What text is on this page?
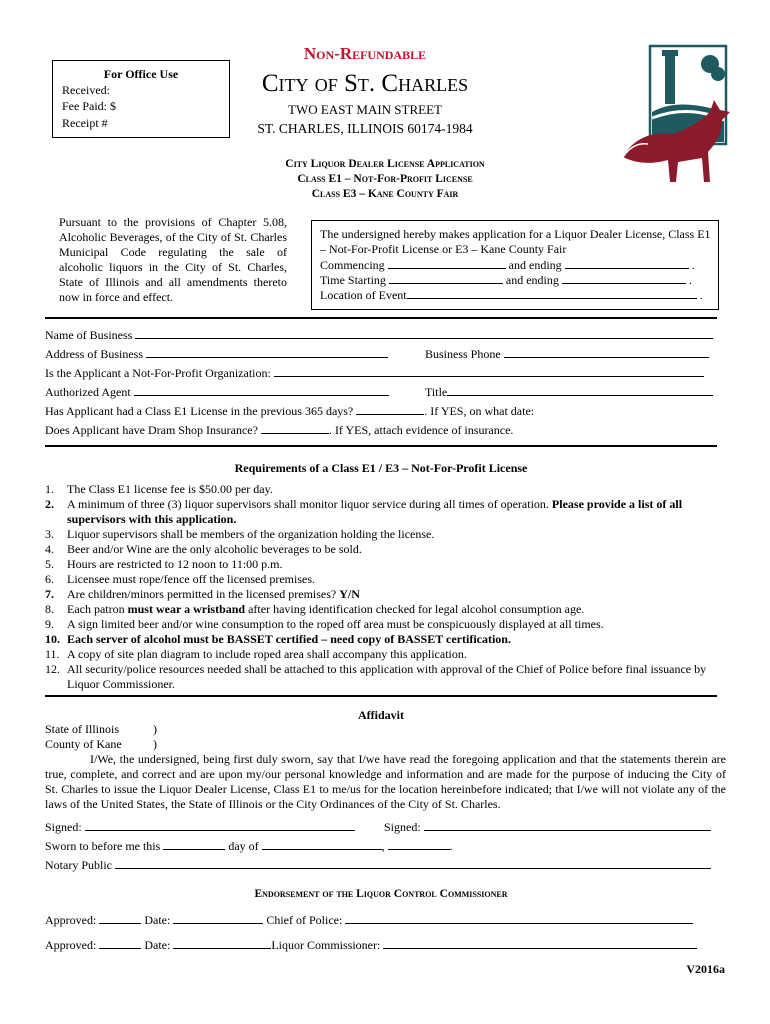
For Office Use
Received:
Fee Paid: $
Receipt #
Non-Refundable
City of St. Charles
TWO EAST MAIN STREET
ST. CHARLES, ILLINOIS 60174-1984
City Liquor Dealer License Application
Class E1 – Not-For-Profit License
Class E3 – Kane County Fair
Pursuant to the provisions of Chapter 5.08, Alcoholic Beverages, of the City of St. Charles Municipal Code regulating the sale of alcoholic liquors in the City of St. Charles, State of Illinois and all amendments thereto now in force and effect.
The undersigned hereby makes application for a Liquor Dealer License, Class E1 – Not-For-Profit License or E3 – Kane County Fair
Commencing	and ending	.
Time Starting	and ending	.
Location of Event	.
Name of Business
Address of Business	Business Phone
Is the Applicant a Not-For-Profit Organization:
Authorized Agent	Title
Has Applicant had a Class E1 License in the previous 365 days?	. If YES, on what date:
Does Applicant have Dram Shop Insurance?	. If YES, attach evidence of insurance.
Requirements of a Class E1 / E3 – Not-For-Profit License
1. The Class E1 license fee is $50.00 per day.
2. A minimum of three (3) liquor supervisors shall monitor liquor service during all times of operation. Please provide a list of all supervisors with this application.
3. Liquor supervisors shall be members of the organization holding the license.
4. Beer and/or Wine are the only alcoholic beverages to be sold.
5. Hours are restricted to 12 noon to 11:00 p.m.
6. Licensee must rope/fence off the licensed premises.
7. Are children/minors permitted in the licensed premises? Y/N
8. Each patron must wear a wristband after having identification checked for legal alcohol consumption age.
9. A sign limited beer and/or wine consumption to the roped off area must be conspicuously displayed at all times.
10. Each server of alcohol must be BASSET certified – need copy of BASSET certification.
11. A copy of site plan diagram to include roped area shall accompany this application.
12. All security/police resources needed shall be attached to this application with approval of the Chief of Police before final issuance by Liquor Commissioner.
Affidavit
State of Illinois	)
County of Kane	)
I/We, the undersigned, being first duly sworn, say that I/we have read the foregoing application and that the statements therein are true, complete, and correct and are upon my/our personal knowledge and information and are made for the purpose of inducing the City of St. Charles to issue the Liquor Dealer License, Class E1 to me/us for the location hereinbefore indicated; that I/we will not violate any of the laws of the United States, the State of Illinois or the City Ordinances of the City of St. Charles.
Signed:	Signed:
Sworn to before me this	day of	,	.
Notary Public
Endorsement of the Liquor Control Commissioner
Approved:	Date:	Chief of Police:
Approved:	Date:	Liquor Commissioner:
V2016a
